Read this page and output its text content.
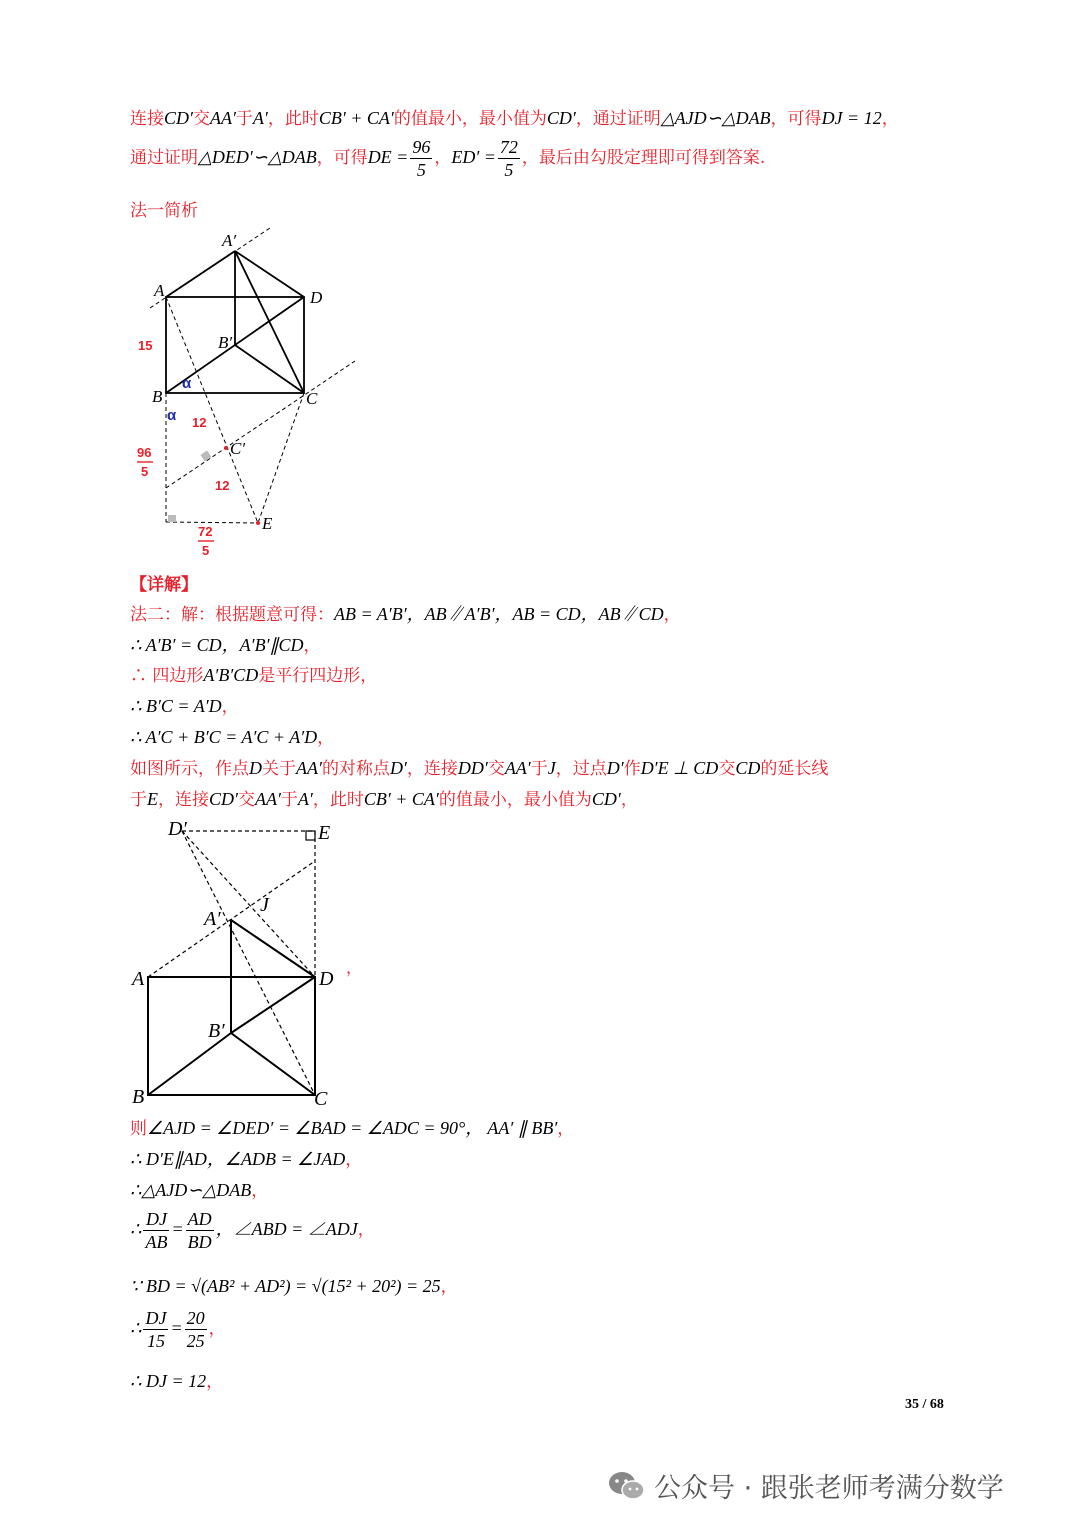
连接CD′交AA′于A′，此时CB′ + CA′的值最小，最小值为CD′，通过证明△AJD∽△DAB，可得DJ = 12，
通过证明△DED′∽△DAB，可得DE = $\frac{96}{5}$ ，$ED' = \frac{72}{5}$ ，最后由勾股定理即可得到答案.
法一简析
A′
A	D
B′
B	C
C′
E
15
α
α 12
12
96
5
72
5
【详解】
法二：解：根据题意可得：AB = A′B′，AB∥A′B′，AB = CD，AB∥CD，
∴ A′B′ = CD，A′B′∥CD，
∴ 四边形A′B′CD是平行四边形，
∴ B′C = A′D，
∴ A′C + B′C = A′C + A′D，
如图所示，作点D关于AA′的对称点D′，连接DD′交AA′于J，过点D′作D′E ⊥ CD交CD的延长线
于E，连接CD′交AA′于A′，此时CB′ + CA′的值最小，最小值为CD′，
D′	E
A′
J
A	D
B′
B	C
，
则∠AJD = ∠DED′ = ∠BAD = ∠ADC = 90°， AA′ ∥ BB′，
∴ D′E∥AD，∠ADB = ∠JAD，
∴△AJD∽△DAB，
∴ $\frac{DJ}{AB} = \frac{AD}{BD}$ ，∠ABD = ∠ADJ，
∵ BD = √(AB² + AD²) = √(15² + 20²) = 25，
∴ $\frac{DJ}{15} = \frac{20}{25}$ ，
∴ DJ = 12，
35 / 68
公众号 · 跟张老师考满分数学
